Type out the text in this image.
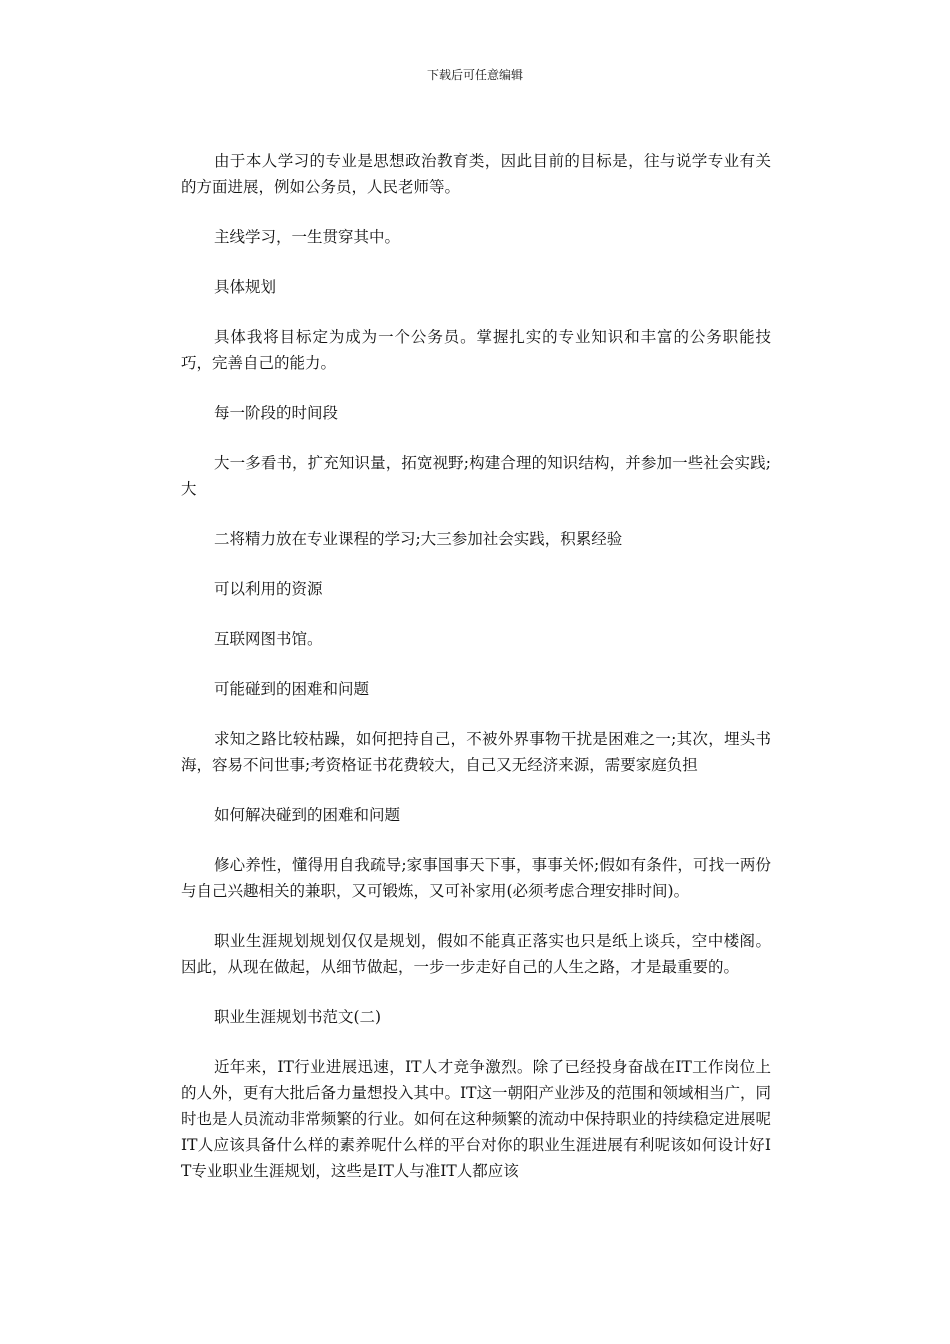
下载后可任意编辑

由于本人学习的专业是思想政治教育类，因此目前的目标是，往与说学专业有关的方面进展，例如公务员，人民老师等。

主线学习，一生贯穿其中。

具体规划

具体我将目标定为成为一个公务员。掌握扎实的专业知识和丰富的公务职能技巧，完善自己的能力。

每一阶段的时间段

大一多看书，扩充知识量，拓宽视野;构建合理的知识结构，并参加一些社会实践;大

二将精力放在专业课程的学习;大三参加社会实践，积累经验

可以利用的资源

互联网图书馆。

可能碰到的困难和问题

求知之路比较枯躁，如何把持自己，不被外界事物干扰是困难之一;其次，埋头书海，容易不问世事;考资格证书花费较大，自己又无经济来源，需要家庭负担

如何解决碰到的困难和问题

修心养性，懂得用自我疏导;家事国事天下事，事事关怀;假如有条件，可找一两份与自己兴趣相关的兼职，又可锻炼，又可补家用(必须考虑合理安排时间)。

职业生涯规划规划仅仅是规划，假如不能真正落实也只是纸上谈兵，空中楼阁。因此，从现在做起，从细节做起，一步一步走好自己的人生之路，才是最重要的。

职业生涯规划书范文(二)

近年来，IT行业进展迅速，IT人才竞争激烈。除了已经投身奋战在IT工作岗位上的人外，更有大批后备力量想投入其中。IT这一朝阳产业涉及的范围和领域相当广，同时也是人员流动非常频繁的行业。如何在这种频繁的流动中保持职业的持续稳定进展呢IT人应该具备什么样的素养呢什么样的平台对你的职业生涯进展有利呢该如何设计好IT专业职业生涯规划，这些是IT人与准IT人都应该
